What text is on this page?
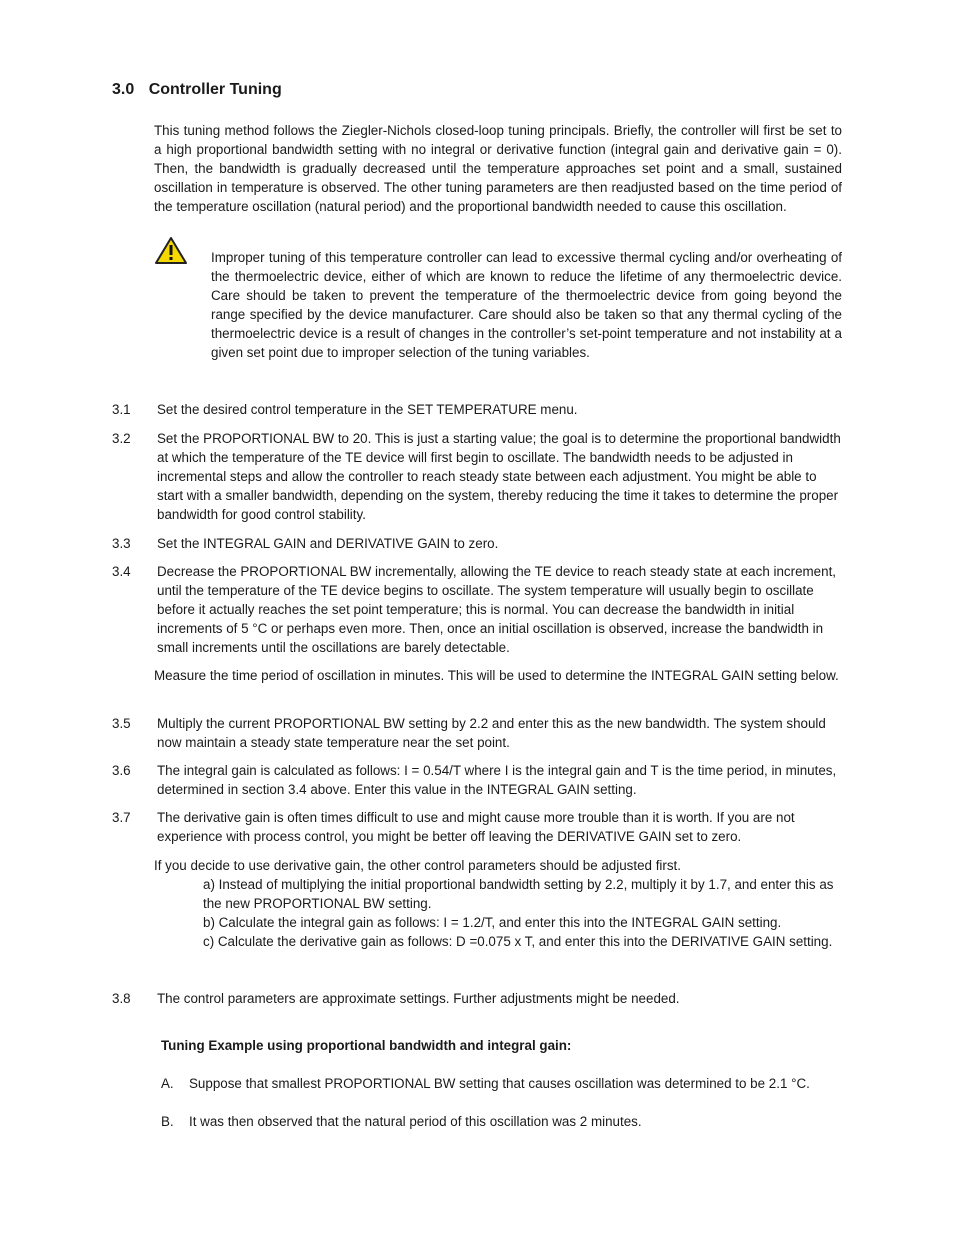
3.0 Controller Tuning
This tuning method follows the Ziegler-Nichols closed-loop tuning principals. Briefly, the controller will first be set to a high proportional bandwidth setting with no integral or derivative function (integral gain and derivative gain = 0). Then, the bandwidth is gradually decreased until the temperature approaches set point and a small, sustained oscillation in temperature is observed. The other tuning parameters are then readjusted based on the time period of the temperature oscillation (natural period) and the proportional bandwidth needed to cause this oscillation.
Improper tuning of this temperature controller can lead to excessive thermal cycling and/or overheating of the thermoelectric device, either of which are known to reduce the lifetime of any thermoelectric device. Care should be taken to prevent the temperature of the thermoelectric device from going beyond the range specified by the device manufacturer. Care should also be taken so that any thermal cycling of the thermoelectric device is a result of changes in the controller’s set-point temperature and not instability at a given set point due to improper selection of the tuning variables.
3.1	Set the desired control temperature in the SET TEMPERATURE menu.
3.2	Set the PROPORTIONAL BW to 20. This is just a starting value; the goal is to determine the proportional bandwidth at which the temperature of the TE device will first begin to oscillate. The bandwidth needs to be adjusted in incremental steps and allow the controller to reach steady state between each adjustment. You might be able to start with a smaller bandwidth, depending on the system, thereby reducing the time it takes to determine the proper bandwidth for good control stability.
3.3	Set the INTEGRAL GAIN and DERIVATIVE GAIN to zero.
3.4	Decrease the PROPORTIONAL BW incrementally, allowing the TE device to reach steady state at each increment, until the temperature of the TE device begins to oscillate. The system temperature will usually begin to oscillate before it actually reaches the set point temperature; this is normal. You can decrease the bandwidth in initial increments of 5 °C or perhaps even more. Then, once an initial oscillation is observed, increase the bandwidth in small increments until the oscillations are barely detectable.
Measure the time period of oscillation in minutes. This will be used to determine the INTEGRAL GAIN setting below.
3.5	Multiply the current PROPORTIONAL BW setting by 2.2 and enter this as the new bandwidth. The system should now maintain a steady state temperature near the set point.
3.6	The integral gain is calculated as follows: I = 0.54/T where I is the integral gain and T is the time period, in minutes, determined in section 3.4 above. Enter this value in the INTEGRAL GAIN setting.
3.7	The derivative gain is often times difficult to use and might cause more trouble than it is worth. If you are not experience with process control, you might be better off leaving the DERIVATIVE GAIN set to zero.
If you decide to use derivative gain, the other control parameters should be adjusted first.
a) Instead of multiplying the initial proportional bandwidth setting by 2.2, multiply it by 1.7, and enter this as the new PROPORTIONAL BW setting.
b) Calculate the integral gain as follows: I = 1.2/T, and enter this into the INTEGRAL GAIN setting.
c) Calculate the derivative gain as follows: D =0.075 x T, and enter this into the DERIVATIVE GAIN setting.
3.8	The control parameters are approximate settings. Further adjustments might be needed.
Tuning Example using proportional bandwidth and integral gain:
A.	Suppose that smallest PROPORTIONAL BW setting that causes oscillation was determined to be 2.1 °C.
B.	It was then observed that the natural period of this oscillation was 2 minutes.
